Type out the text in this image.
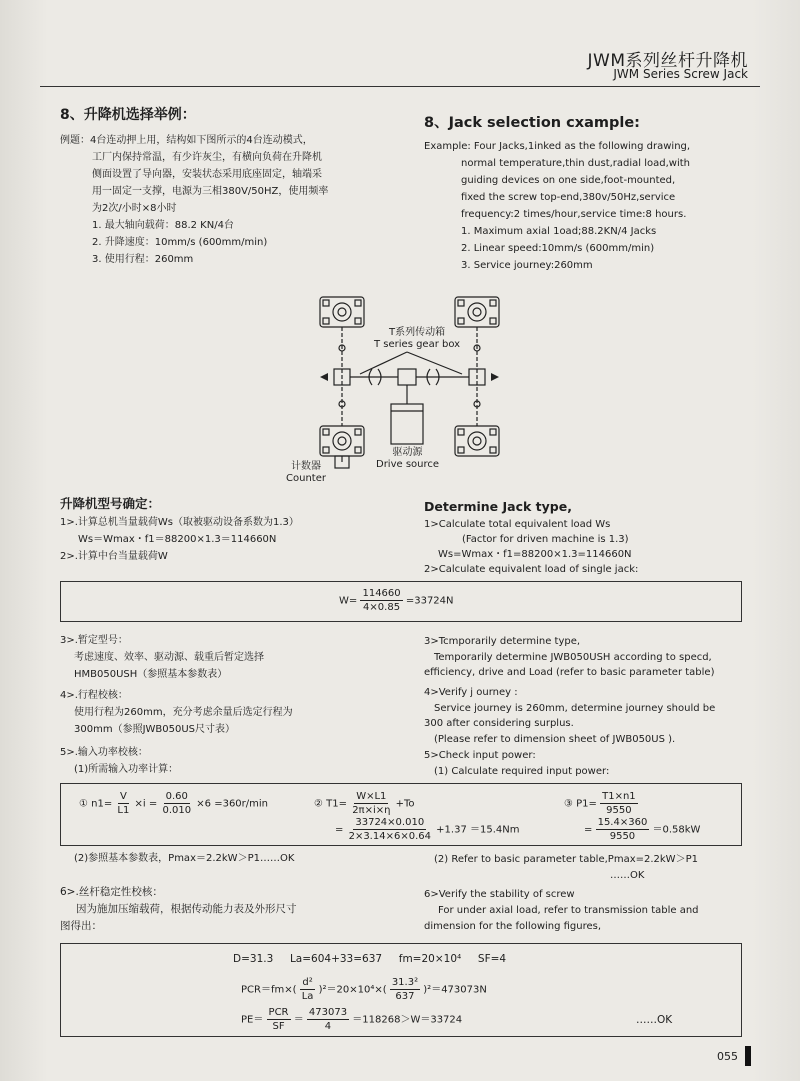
JWM系列丝杆升降机
JWM Series Screw Jack
8、升降机选择举例：
例题：4台连动押上用，结构如下图所示的4台连动模式，
工厂内保持常温，有少许灰尘，有横向负荷在升降机
侧面设置了导向器，安装状态采用底座固定，轴端采
用一固定一支撑，电源为三相380V/50HZ，使用频率
为2次/小时×8小时
1. 最大轴向载荷：88.2 KN/4台
2. 升降速度：10mm/s (600mm/min)
3. 使用行程：260mm
8、Jack selection cxample:
Example: Four Jacks,1inked as the following drawing,
normal temperature,thin dust,radial load,with
guiding devices on one side,foot-mounted,
fixed the screw top-end,380v/50Hz,service
frequency:2 times/hour,service time:8 hours.
1. Maximum axial 1oad;88.2KN/4 Jacks
2. Linear speed:10mm/s (600mm/min)
3. Service journey:260mm
T系列传动箱
T series gear box
驱动源
Drive source
计数器
Counter
升降机型号确定：
1>.计算总机当量载荷Ws（取被驱动设备系数为1.3）
Ws＝Wmax・f1＝88200×1.3＝114660N
2>.计算中台当量载荷W
Determine Jack type,
1>Calculate total equivalent load Ws
(Factor for driven machine is 1.3)
Ws=Wmax・f1=88200×1.3=114660N
2>Calculate equivalent load of single jack:
$W= \frac{114660}{4\times 0.85} =33724N$
3>.暂定型号：
考虑速度、效率、驱动源、载重后暂定选择
HMB050USH（参照基本参数表）
4>.行程校核：
使用行程为260mm，充分考虑余量后选定行程为
300mm（参照JWB050US尺寸表）
5>.输入功率校核：
(1)所需输入功率计算：
3>Tcmporarily determine type,
Temporarily determine JWB050USH according to specd,
efficiency, drive and Load (refer to basic parameter table)
4>Verify j ourney :
Service journey is 260mm, determine journey should be
300 after considering surplus.
(Please refer to dimension sheet of JWB050US ).
5>Check input power:
(1) Calculate required input power:
① $n1= \frac{V}{L1} \times i = \frac{0.60}{0.010} \times 6 =360r/\min$	② $T1= \frac{W\times L1}{2\pi\times i\times\eta} +To$
= $\frac{33724\times 0.010}{2\times 3.14\times 6\times 0.64} +1.37 =15.4Nm$
③ $P1= \frac{T1\times n1}{9550}$
= $\frac{15.4\times 360}{9550} =0.58kW$
(2)参照基本参数表，Pmax＝2.2kW＞P1……OK	(2) Refer to basic parameter table,Pmax=2.2kW＞P1
……OK
6>.丝杆稳定性校核：
因为施加压缩载荷，根据传动能力表及外形尺寸
图得出：
6>Verify the stability of screw
For under axial load, refer to transmission table and
dimension for the following figures,
D=31.3     La=604+33=637     fm=20×10⁴     SF=4
$PCR=fm\times( \frac{\text{d²}}{La} )^2=20\times 10^4\times( \frac{\text{31.3²}}{637} )^2=473073N$
$PE= \frac{\text{PCR}}{SF} = \frac{473073}{4} =118268>W=33724$	……OK
055
